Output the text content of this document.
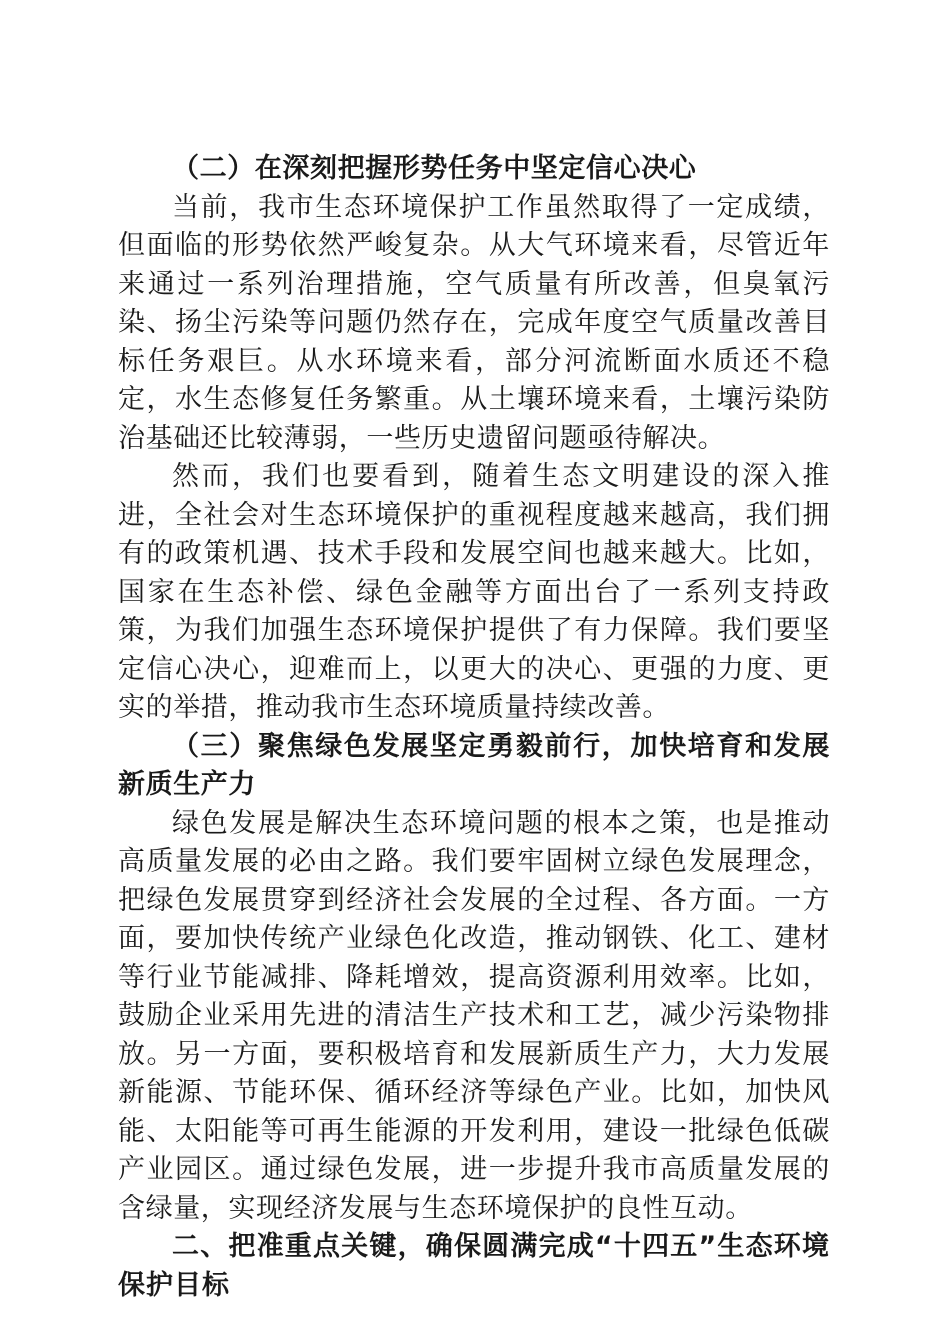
（二）在深刻把握形势任务中坚定信心决心

当前，我市生态环境保护工作虽然取得了一定成绩，但面临的形势依然严峻复杂。从大气环境来看，尽管近年来通过一系列治理措施，空气质量有所改善，但臭氧污染、扬尘污染等问题仍然存在，完成年度空气质量改善目标任务艰巨。从水环境来看，部分河流断面水质还不稳定，水生态修复任务繁重。从土壤环境来看，土壤污染防治基础还比较薄弱，一些历史遗留问题亟待解决。

然而，我们也要看到，随着生态文明建设的深入推进，全社会对生态环境保护的重视程度越来越高，我们拥有的政策机遇、技术手段和发展空间也越来越大。比如，国家在生态补偿、绿色金融等方面出台了一系列支持政策，为我们加强生态环境保护提供了有力保障。我们要坚定信心决心，迎难而上，以更大的决心、更强的力度、更实的举措，推动我市生态环境质量持续改善。

（三）聚焦绿色发展坚定勇毅前行，加快培育和发展新质生产力

绿色发展是解决生态环境问题的根本之策，也是推动高质量发展的必由之路。我们要牢固树立绿色发展理念，把绿色发展贯穿到经济社会发展的全过程、各方面。一方面，要加快传统产业绿色化改造，推动钢铁、化工、建材等行业节能减排、降耗增效，提高资源利用效率。比如，鼓励企业采用先进的清洁生产技术和工艺，减少污染物排放。另一方面，要积极培育和发展新质生产力，大力发展新能源、节能环保、循环经济等绿色产业。比如，加快风能、太阳能等可再生能源的开发利用，建设一批绿色低碳产业园区。通过绿色发展，进一步提升我市高质量发展的含绿量，实现经济发展与生态环境保护的良性互动。

二、把准重点关键，确保圆满完成“十四五”生态环境保护目标
